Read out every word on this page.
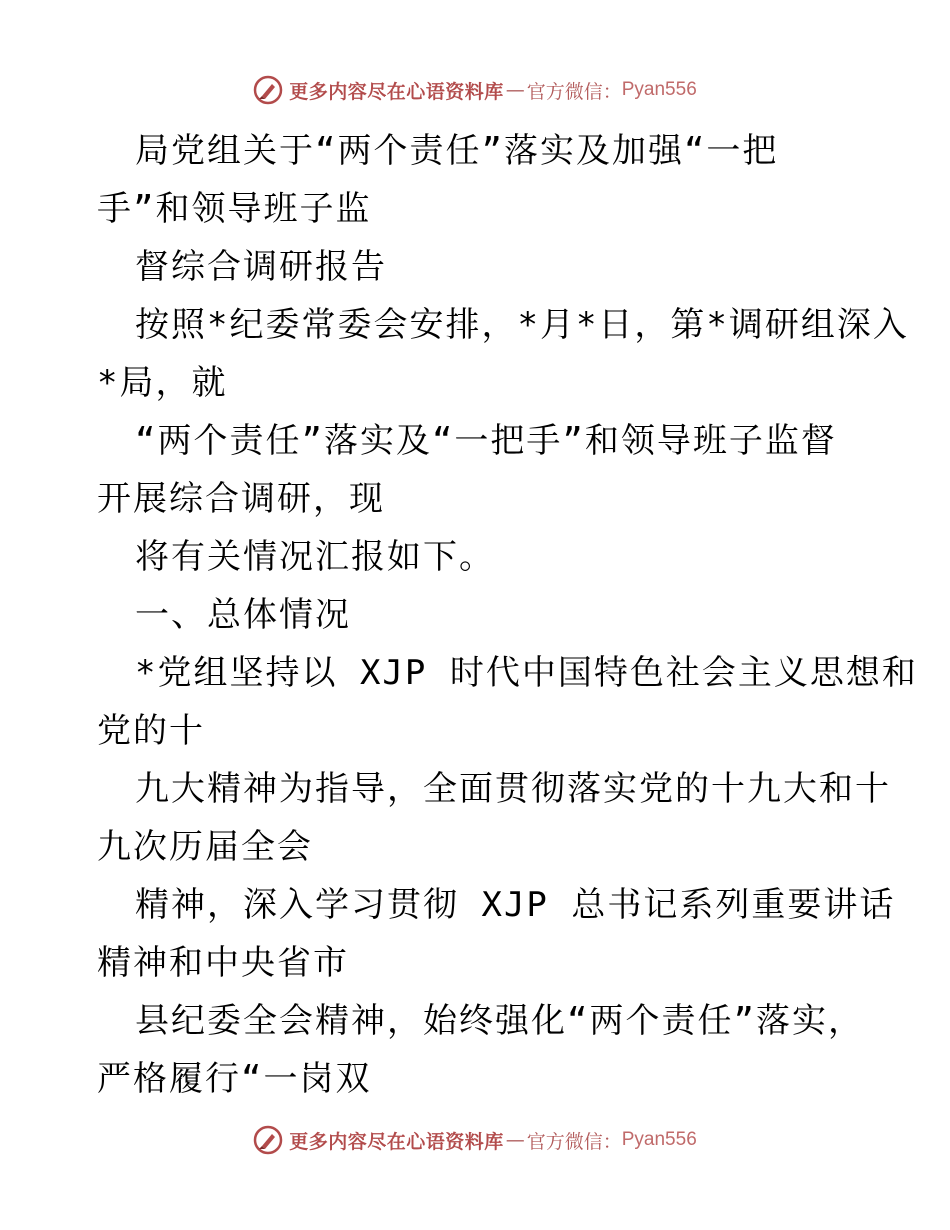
更多内容尽在心语资料库 — 官方微信： Pyan556
局党组关于“两个责任”落实及加强“一把
手”和领导班子监
督综合调研报告
按照*纪委常委会安排，*月*日，第*调研组深入
*局，就
“两个责任”落实及“一把手”和领导班子监督
开展综合调研，现
将有关情况汇报如下。
一、总体情况
*党组坚持以 XJP 时代中国特色社会主义思想和
党的十
九大精神为指导，全面贯彻落实党的十九大和十
九次历届全会
精神，深入学习贯彻 XJP 总书记系列重要讲话
精神和中央省市
县纪委全会精神，始终强化“两个责任”落实，
严格履行“一岗双
更多内容尽在心语资料库 — 官方微信： Pyan556
